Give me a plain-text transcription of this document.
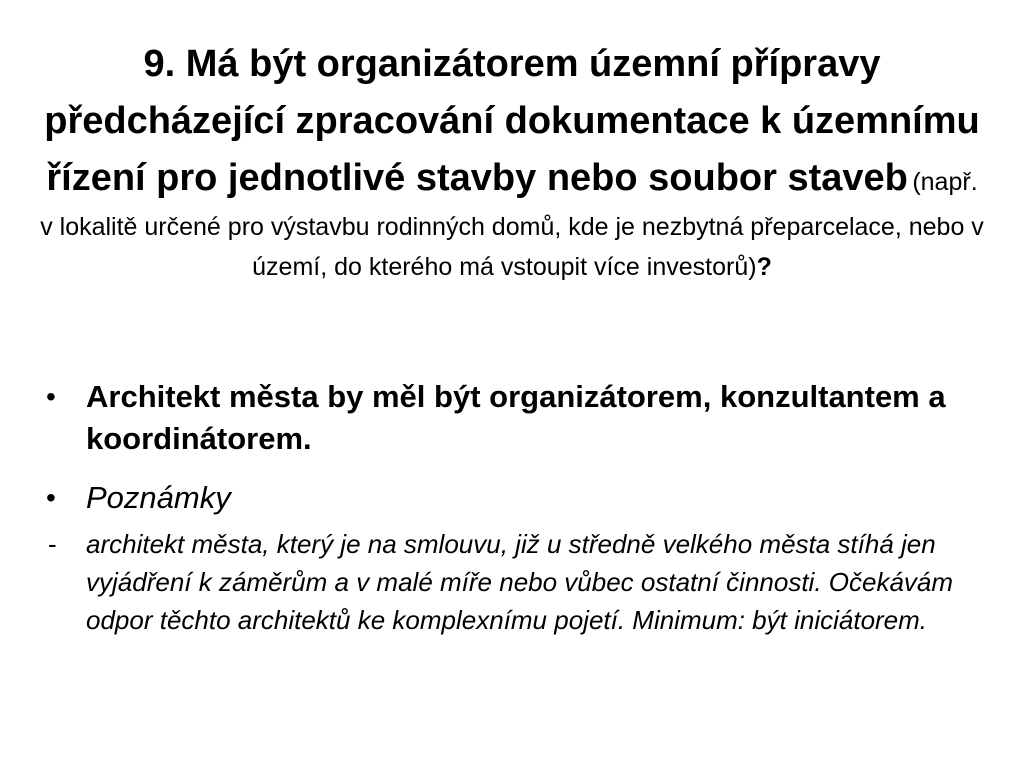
9. Má být organizátorem územní přípravy předcházející zpracování dokumentace k územnímu řízení pro jednotlivé stavby nebo soubor staveb (např. v lokalitě určené pro výstavbu rodinných domů, kde je nezbytná přeparcelace, nebo v území, do kterého má vstoupit více investorů)?
• Architekt města by měl být organizátorem, konzultantem a koordinátorem.
• Poznámky
-	architekt města, který je na smlouvu, již u středně velkého města stíhá jen vyjádření k záměrům a v malé míře nebo vůbec ostatní činnosti. Očekávám odpor těchto architektů ke komplexnímu pojetí. Minimum: být iniciátorem.
